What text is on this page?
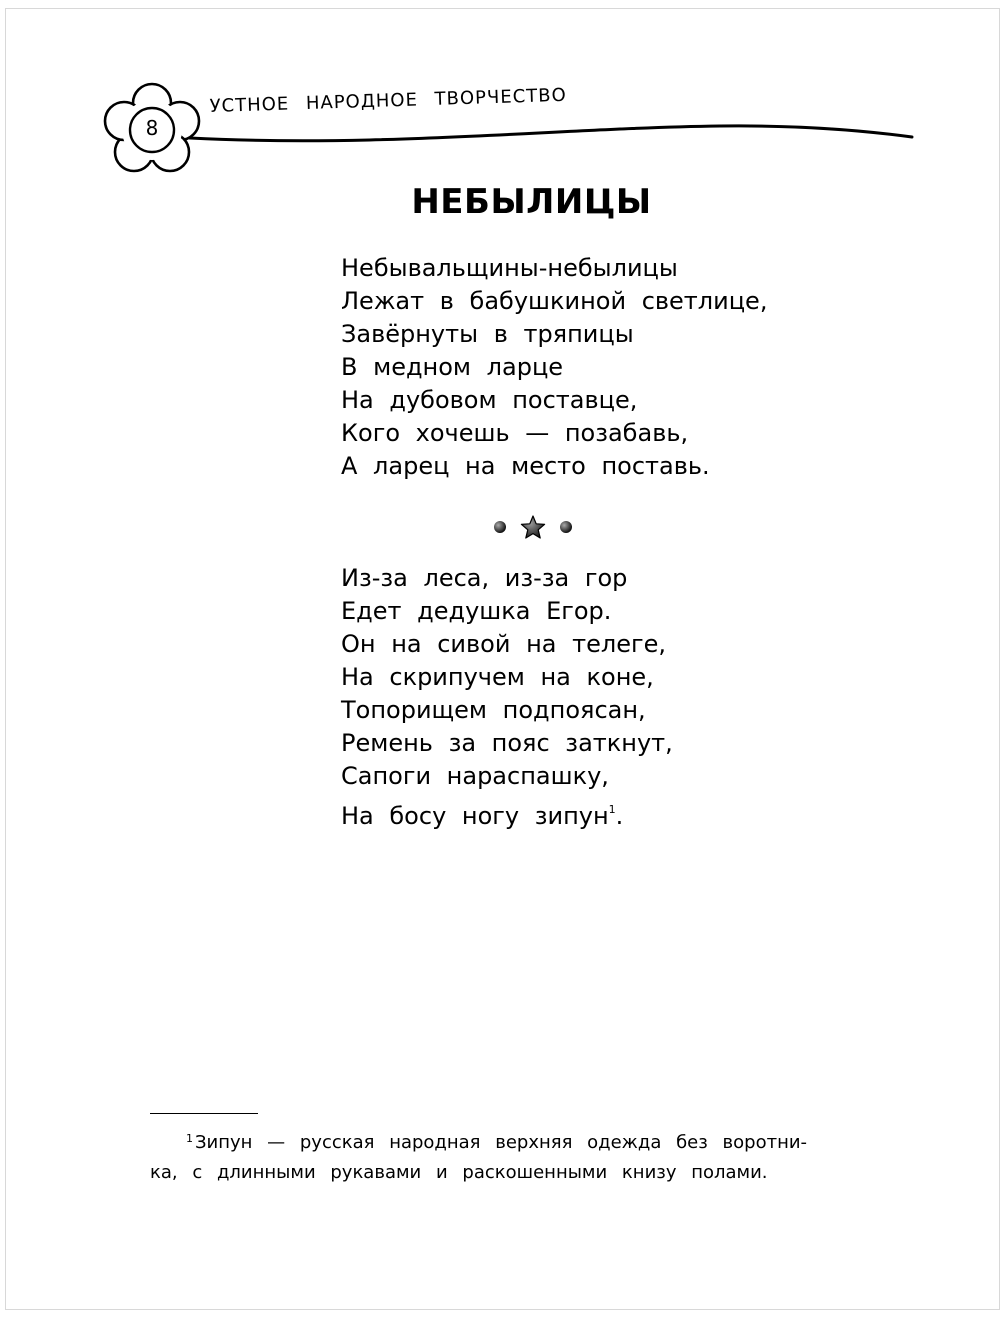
8
УСТНОЕ НАРОДНОЕ ТВОРЧЕСТВО
НЕБЫЛИЦЫ
Небывальщины-небылицы
Лежат в бабушкиной светлице,
Завёрнуты в тряпицы
В медном ларце
На дубовом поставце,
Кого хочешь — позабавь,
А ларец на место поставь.
Из-за леса, из-за гор
Едет дедушка Егор.
Он на сивой на телеге,
На скрипучем на коне,
Топорищем подпоясан,
Ремень за пояс заткнут,
Сапоги нараспашку,
На босу ногу зипун$^1$.
$^1$ Зипун — русская народная верхняя одежда без воротни-
ка, с длинными рукавами и раскошенными книзу полами.
